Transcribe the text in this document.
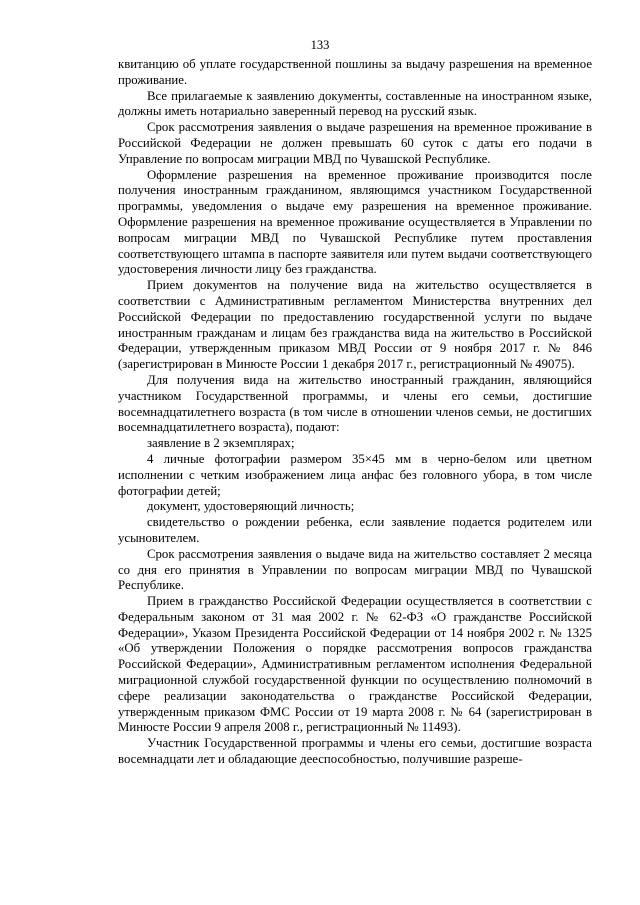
133

квитанцию об уплате государственной пошлины за выдачу разрешения на временное проживание.

Все прилагаемые к заявлению документы, составленные на иностранном языке, должны иметь нотариально заверенный перевод на русский язык.

Срок рассмотрения заявления о выдаче разрешения на временное проживание в Российской Федерации не должен превышать 60 суток с даты его подачи в Управление по вопросам миграции МВД по Чувашской Республике.

Оформление разрешения на временное проживание производится после получения иностранным гражданином, являющимся участником Государственной программы, уведомления о выдаче ему разрешения на временное проживание. Оформление разрешения на временное проживание осуществляется в Управлении по вопросам миграции МВД по Чувашской Республике путем проставления соответствующего штампа в паспорте заявителя или путем выдачи соответствующего удостоверения личности лицу без гражданства.

Прием документов на получение вида на жительство осуществляется в соответствии с Административным регламентом Министерства внутренних дел Российской Федерации по предоставлению государственной услуги по выдаче иностранным гражданам и лицам без гражданства вида на жительство в Российской Федерации, утвержденным приказом МВД России от 9 ноября 2017 г. № 846 (зарегистрирован в Минюсте России 1 декабря 2017 г., регистрационный № 49075).

Для получения вида на жительство иностранный гражданин, являющийся участником Государственной программы, и члены его семьи, достигшие восемнадцатилетнего возраста (в том числе в отношении членов семьи, не достигших восемнадцатилетнего возраста), подают:

заявление в 2 экземплярах;

4 личные фотографии размером 35×45 мм в черно-белом или цветном исполнении с четким изображением лица анфас без головного убора, в том числе фотографии детей;

документ, удостоверяющий личность;

свидетельство о рождении ребенка, если заявление подается родителем или усыновителем.

Срок рассмотрения заявления о выдаче вида на жительство составляет 2 месяца со дня его принятия в Управлении по вопросам миграции МВД по Чувашской Республике.

Прием в гражданство Российской Федерации осуществляется в соответствии с Федеральным законом от 31 мая 2002 г. № 62-ФЗ «О гражданстве Российской Федерации», Указом Президента Российской Федерации от 14 ноября 2002 г. № 1325 «Об утверждении Положения о порядке рассмотрения вопросов гражданства Российской Федерации», Административным регламентом исполнения Федеральной миграционной службой государственной функции по осуществлению полномочий в сфере реализации законодательства о гражданстве Российской Федерации, утвержденным приказом ФМС России от 19 марта 2008 г. № 64 (зарегистрирован в Минюсте России 9 апреля 2008 г., регистрационный № 11493).

Участник Государственной программы и члены его семьи, достигшие возраста восемнадцати лет и обладающие дееспособностью, получившие разреше-
